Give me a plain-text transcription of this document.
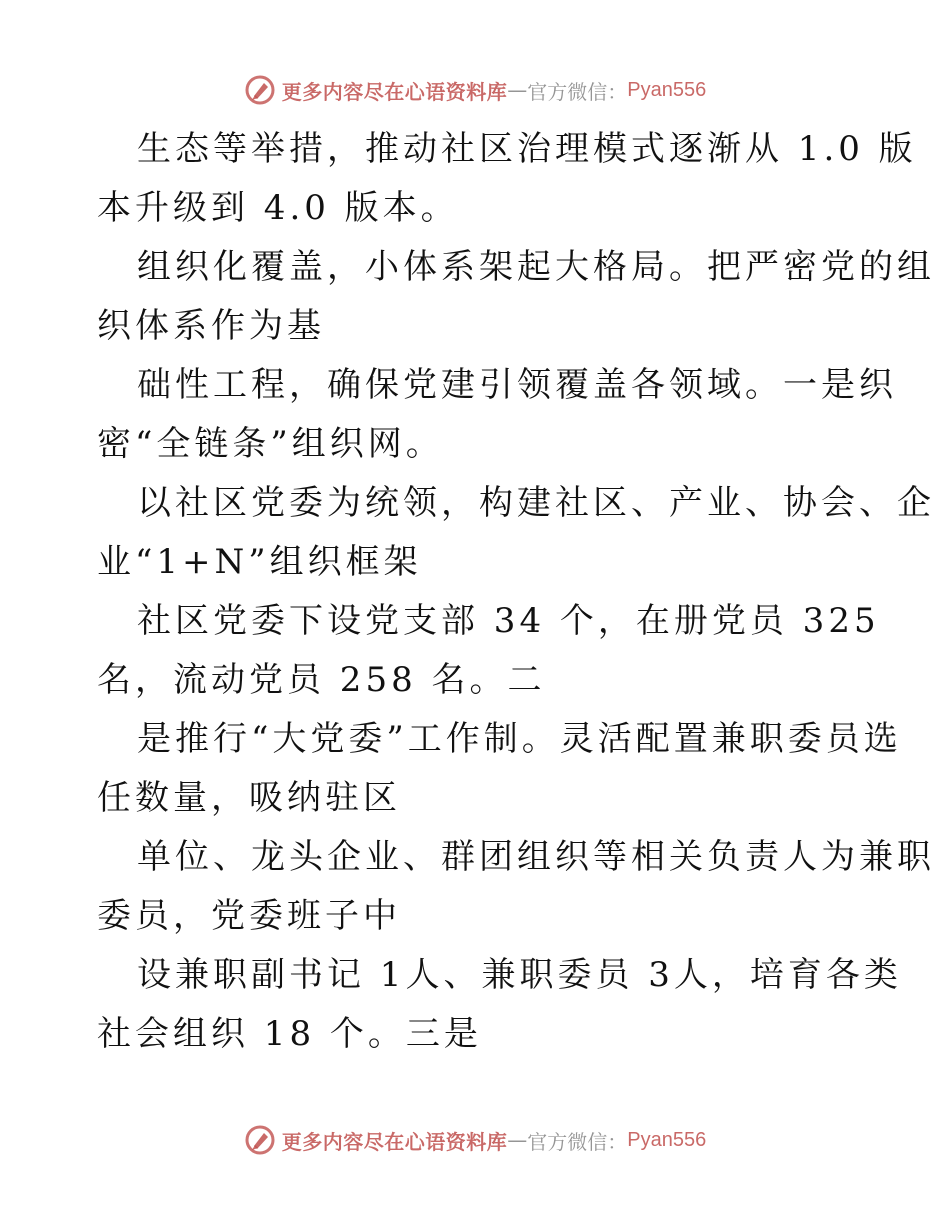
更多内容尽在心语资料库 — 官方微信： Pyan556
生态等举措，推动社区治理模式逐渐从 1.0 版
本升级到 4.0 版本。
组织化覆盖，小体系架起大格局。把严密党的组
织体系作为基
础性工程，确保党建引领覆盖各领域。一是织
密“全链条”组织网。
以社区党委为统领，构建社区、产业、协会、企
业“1+N”组织框架
社区党委下设党支部 34 个，在册党员 325
名，流动党员 258 名。二
是推行“大党委”工作制。灵活配置兼职委员选
任数量，吸纳驻区
单位、龙头企业、群团组织等相关负责人为兼职
委员，党委班子中
设兼职副书记 1人、兼职委员 3人，培育各类
社会组织 18 个。三是
更多内容尽在心语资料库 — 官方微信： Pyan556
